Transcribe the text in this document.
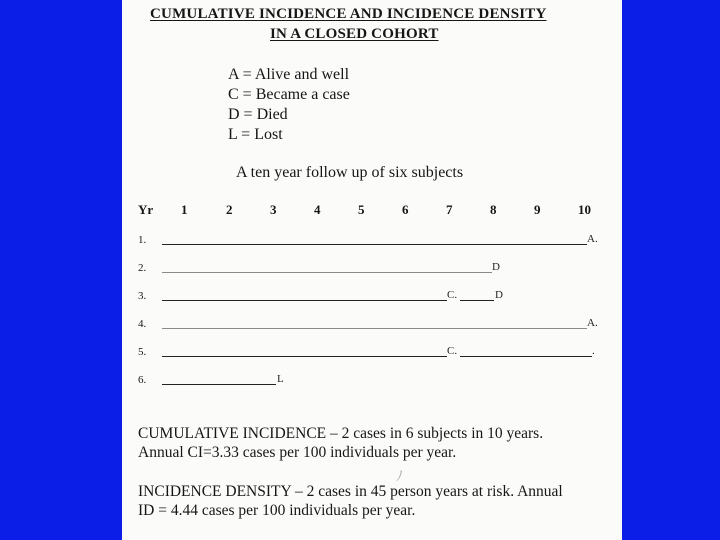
CUMULATIVE INCIDENCE AND INCIDENCE DENSITY
IN A CLOSED COHORT
A = Alive and well
C = Became a case
D = Died
L = Lost
A ten year follow up of six subjects
Yr 1	2	3	4	5	6	7	8	9	10
1.	A.
2.	D
3.	C.	D
4.	A.
5.	C.	.
6.	L
CUMULATIVE INCIDENCE – 2 cases in 6 subjects in 10 years.
Annual CI=3.33 cases per 100 individuals per year.
ﾉ
INCIDENCE DENSITY – 2 cases in 45 person years at risk. Annual
ID = 4.44 cases per 100 individuals per year.
